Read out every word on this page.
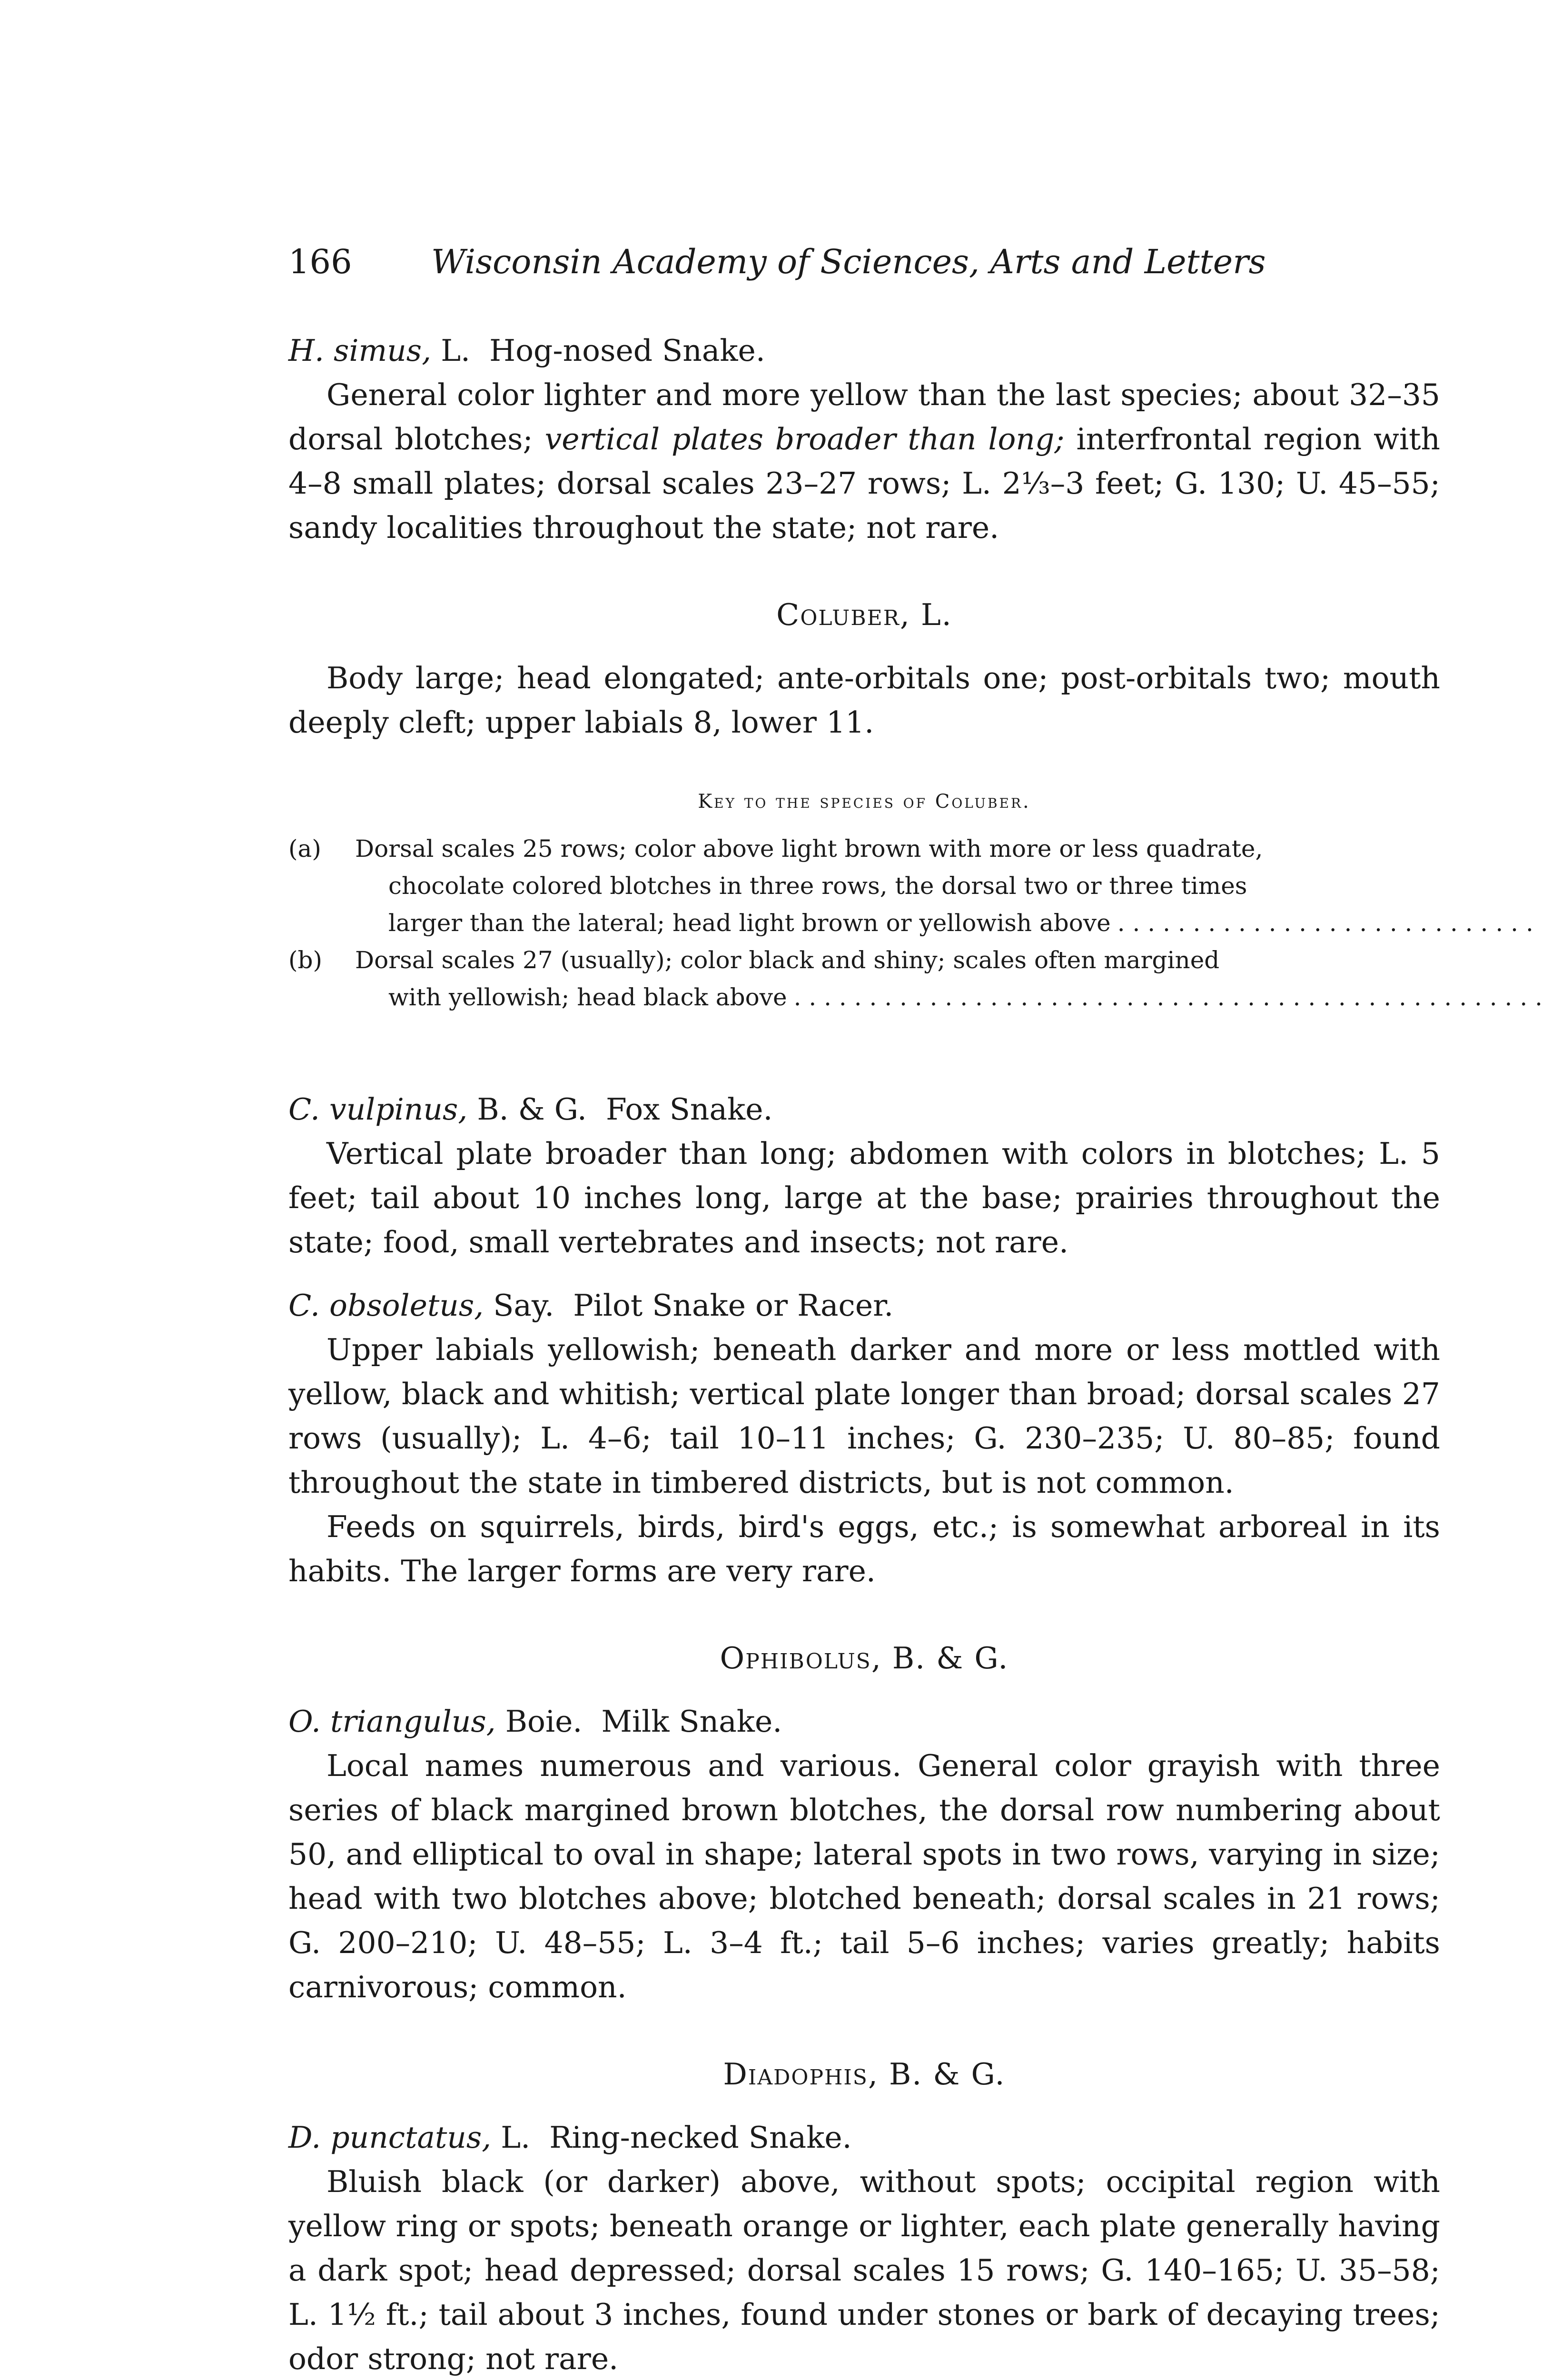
166 Wisconsin Academy of Sciences, Arts and Letters
H. simus, L. Hog-nosed Snake.

General color lighter and more yellow than the last species; about 32–35 dorsal blotches; vertical plates broader than long; interfrontal region with 4–8 small plates; dorsal scales 23–27 rows; L. 2⅓–3 feet; G. 130; U. 45–55; sandy localities throughout the state; not rare.

Coluber, L.

Body large; head elongated; ante-orbitals one; post-orbitals two; mouth deeply cleft; upper labials 8, lower 11.

Key to the species of Coluber.
(a)	Dorsal scales 25 rows; color above light brown with more or less quadrate,
chocolate colored blotches in three rows, the dorsal two or three times
larger than the lateral; head light brown or yellowish above
. . .
(b)	Dorsal scales 27 (usually); color black and shiny; scales often margined
with yellowish; head black above
. . .
C. vulpinus, B. & G. Fox Snake.

Vertical plate broader than long; abdomen with colors in blotches; L. 5 feet; tail about 10 inches long, large at the base; prairies throughout the state; food, small vertebrates and insects; not rare.

C. obsoletus, Say. Pilot Snake or Racer.

Upper labials yellowish; beneath darker and more or less mottled with yellow, black and whitish; vertical plate longer than broad; dorsal scales 27 rows (usually); L. 4–6; tail 10–11 inches; G. 230–235; U. 80–85; found throughout the state in timbered districts, but is not common.

Feeds on squirrels, birds, bird's eggs, etc.; is somewhat arboreal in its habits. The larger forms are very rare.

Ophibolus, B. & G.
O. triangulus, Boie. Milk Snake.

Local names numerous and various. General color grayish with three series of black margined brown blotches, the dorsal row numbering about 50, and elliptical to oval in shape; lateral spots in two rows, varying in size; head with two blotches above; blotched beneath; dorsal scales in 21 rows; G. 200–210; U. 48–55; L. 3–4 ft.; tail 5–6 inches; varies greatly; habits carnivorous; common.

Diadophis, B. & G.
D. punctatus, L. Ring-necked Snake.

Bluish black (or darker) above, without spots; occipital region with yellow ring or spots; beneath orange or lighter, each plate generally having a dark spot; head depressed; dorsal scales 15 rows; G. 140–165; U. 35–58; L. 1½ ft.; tail about 3 inches, found under stones or bark of decaying trees; odor strong; not rare.
